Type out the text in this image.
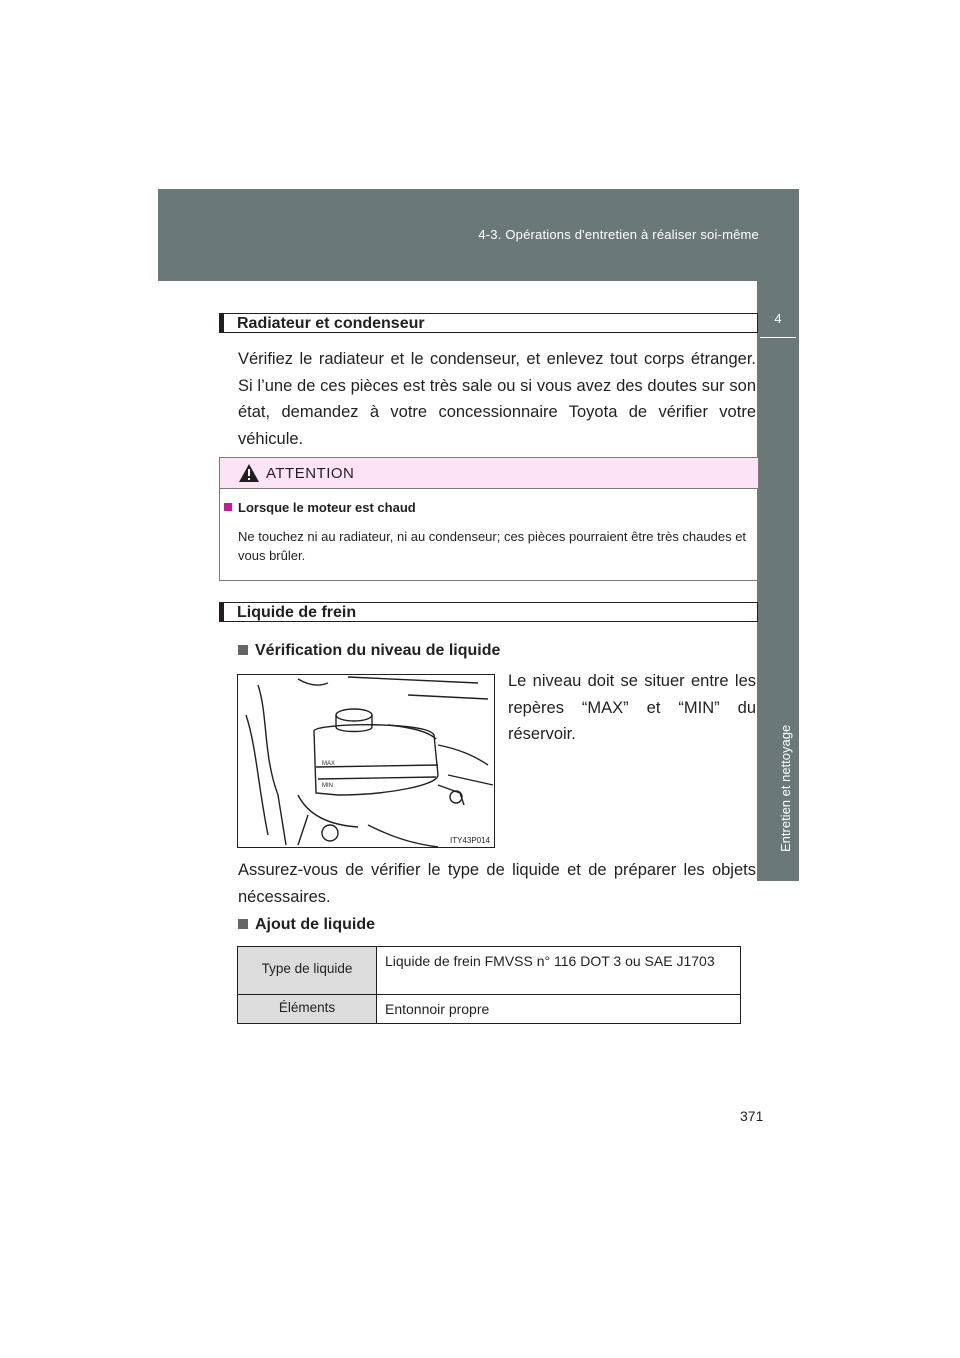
4-3. Opérations d'entretien à réaliser soi-même
4
Entretien et nettoyage
Radiateur et condenseur
Vérifiez le radiateur et le condenseur, et enlevez tout corps étranger. Si l’une de ces pièces est très sale ou si vous avez des doutes sur son état, demandez à votre concessionnaire Toyota de vérifier votre véhicule.
ATTENTION
Lorsque le moteur est chaud
Ne touchez ni au radiateur, ni au condenseur; ces pièces pourraient être très chaudes et vous brûler.
Liquide de frein
Vérification du niveau de liquide
MAX
MIN
ITY43P014
Le niveau doit se situer entre les repères “MAX” et “MIN” du réservoir.
Assurez-vous de vérifier le type de liquide et de préparer les objets nécessaires.
Ajout de liquide
Type de liquide	Liquide de frein FMVSS n° 116 DOT 3 ou SAE J1703
Éléments	Entonnoir propre
371
